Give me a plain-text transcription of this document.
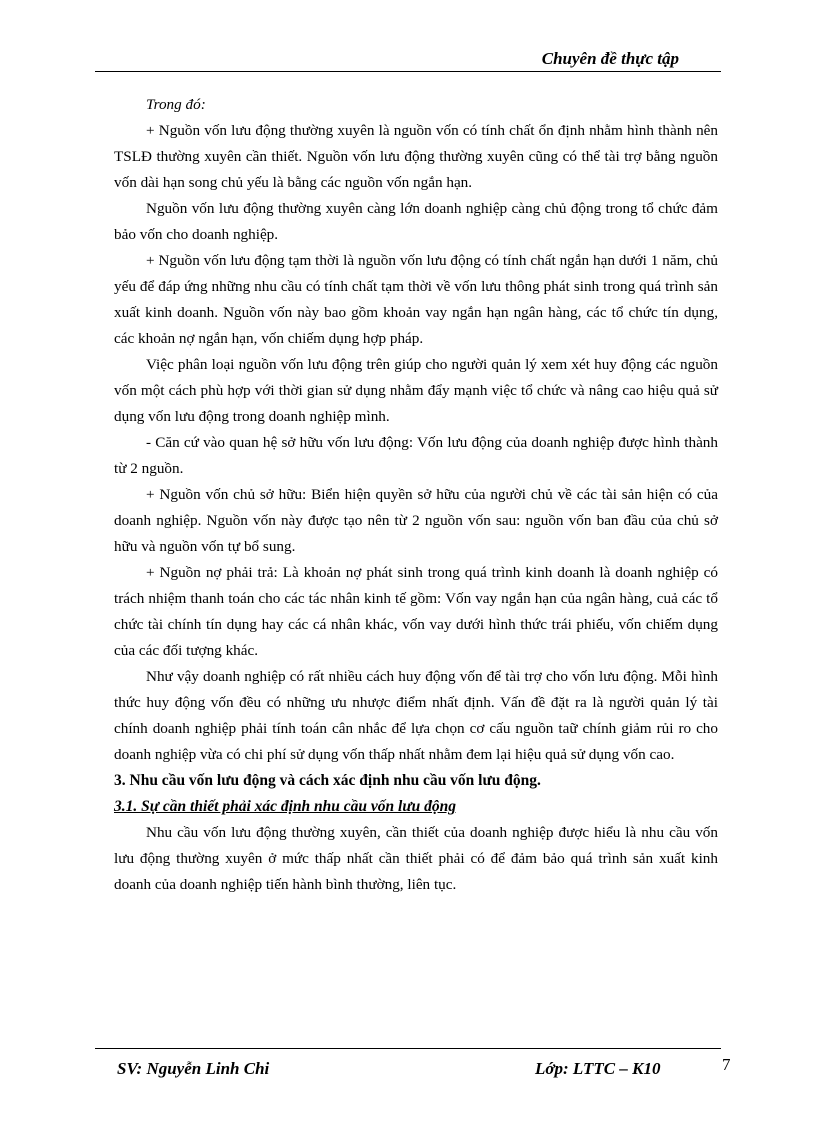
Chuyên đề thực tập

Trong đó:

+ Nguồn vốn lưu động thường xuyên là nguồn vốn có tính chất ổn định nhằm hình thành nên TSLĐ thường xuyên cần thiết. Nguồn vốn lưu động thường xuyên cũng có thể tài trợ bằng nguồn vốn dài hạn song chủ yếu là bằng các nguồn vốn ngắn hạn.

Nguồn vốn lưu động thường xuyên càng lớn doanh nghiệp càng chủ động trong tổ chức đảm bảo vốn cho doanh nghiệp.

+ Nguồn vốn lưu động tạm thời là nguồn vốn lưu động có tính chất ngắn hạn dưới 1 năm, chủ yếu để đáp ứng những nhu cầu có tính chất tạm thời về vốn lưu thông phát sinh trong quá trình sản xuất kinh doanh. Nguồn vốn này bao gồm khoản vay ngắn hạn ngân hàng, các tổ chức tín dụng, các khoản nợ ngắn hạn, vốn chiếm dụng hợp pháp.

Việc phân loại nguồn vốn lưu động trên giúp cho người quản lý xem xét huy động các nguồn vốn một cách phù hợp với thời gian sử dụng nhằm đẩy mạnh việc tổ chức và nâng cao hiệu quả sử dụng vốn lưu động trong doanh nghiệp mình.

- Căn cứ vào quan hệ sở hữu vốn lưu động: Vốn lưu động của doanh nghiệp được hình thành từ 2 nguồn.

+ Nguồn vốn chủ sở hữu: Biển hiện quyền sở hữu của người chủ về các tài sản hiện có của doanh nghiệp. Nguồn vốn này được tạo nên từ 2 nguồn vốn sau: nguồn vốn ban đầu của chủ sở hữu và nguồn vốn tự bổ sung.

+ Nguồn nợ phải trả: Là khoản nợ phát sinh trong quá trình kinh doanh là doanh nghiệp có trách nhiệm thanh toán cho các tác nhân kinh tế gồm: Vốn vay ngắn hạn của ngân hàng, cuả các tổ chức tài chính tín dụng hay các cá nhân khác, vốn vay dưới hình thức trái phiếu, vốn chiếm dụng của các đối tượng khác.

Như vậy doanh nghiệp có rất nhiều cách huy động vốn để tài trợ cho vốn lưu động. Mỗi hình thức huy động vốn đều có những ưu nhược điểm nhất định. Vấn đề đặt ra là người quản lý tài chính doanh nghiệp phải tính toán cân nhắc để lựa chọn cơ cấu nguồn taữ chính giảm rủi ro cho doanh nghiệp vừa có chi phí sử dụng vốn thấp nhất nhằm đem lại hiệu quả sử dụng vốn cao.

3. Nhu cầu vốn lưu động và cách xác định nhu cầu vốn lưu động.

3.1. Sự cần thiết phải xác định nhu cầu vốn lưu động

Nhu cầu vốn lưu động thường xuyên, cần thiết của doanh nghiệp được hiểu là nhu cầu vốn lưu động thường xuyên ở mức thấp nhất cần thiết phải có để đảm bảo quá trình sản xuất kinh doanh của doanh nghiệp tiến hành bình thường, liên tục.

SV: Nguyễn Linh Chi	Lớp: LTTC – K10	7
